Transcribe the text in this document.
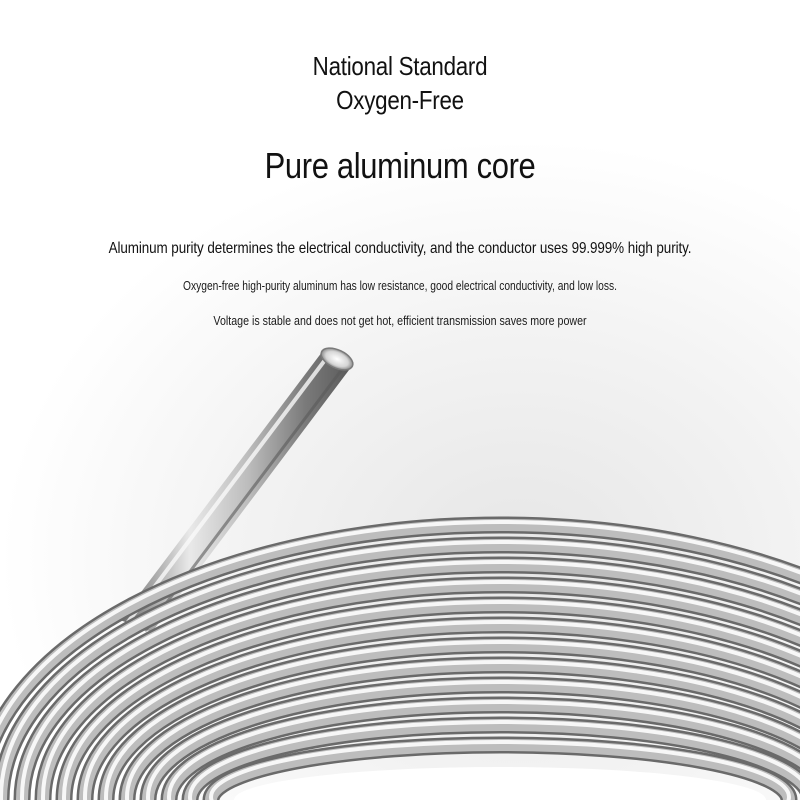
National Standard
Oxygen-Free
Pure aluminum core
Aluminum purity determines the electrical conductivity, and the conductor uses 99.999% high purity.
Oxygen-free high-purity aluminum has low resistance, good electrical conductivity, and low loss.
Voltage is stable and does not get hot, efficient transmission saves more power
